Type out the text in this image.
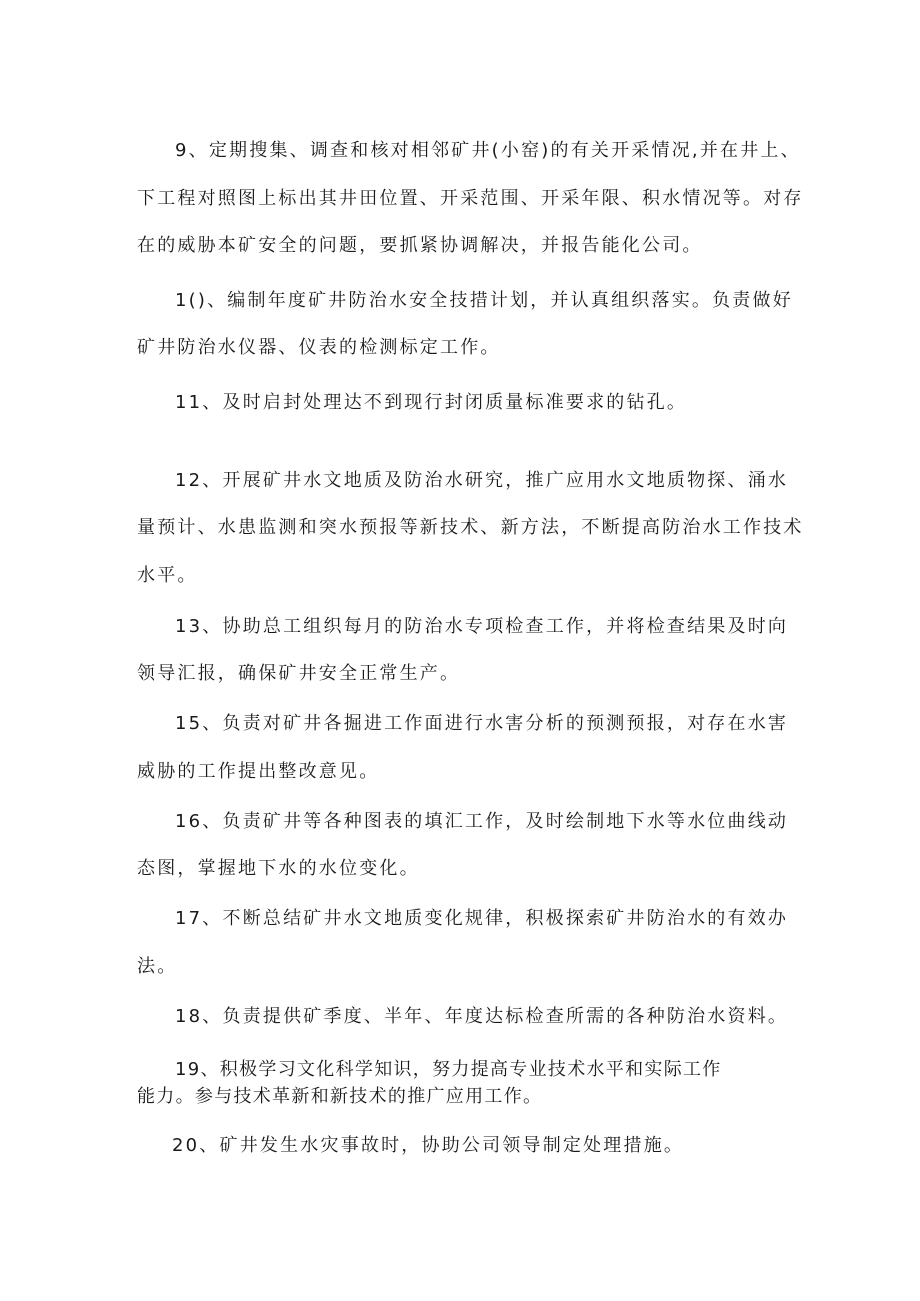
9、定期搜集、调查和核对相邻矿井(小窑)的有关开采情况,并在井上、
下工程对照图上标出其井田位置、开采范围、开采年限、积水情况等。对存
在的威胁本矿安全的问题，要抓紧协调解决，并报告能化公司。
1()、编制年度矿井防治水安全技措计划，并认真组织落实。负责做好
矿井防治水仪器、仪表的检测标定工作。
11、及时启封处理达不到现行封闭质量标准要求的钻孔。
12、开展矿井水文地质及防治水研究，推广应用水文地质物探、涌水
量预计、水患监测和突水预报等新技术、新方法，不断提高防治水工作技术
水平。
13、协助总工组织每月的防治水专项检查工作，并将检查结果及时向
领导汇报，确保矿井安全正常生产。
15、负责对矿井各掘进工作面进行水害分析的预测预报，对存在水害
威胁的工作提出整改意见。
16、负责矿井等各种图表的填汇工作，及时绘制地下水等水位曲线动
态图，掌握地下水的水位变化。
17、不断总结矿井水文地质变化规律，积极探索矿井防治水的有效办
法。
18、负责提供矿季度、半年、年度达标检查所需的各种防治水资料。
19、积极学习文化科学知识，努力提高专业技术水平和实际工作
能力。参与技术革新和新技术的推广应用工作。
20、矿井发生水灾事故时，协助公司领导制定处理措施。
